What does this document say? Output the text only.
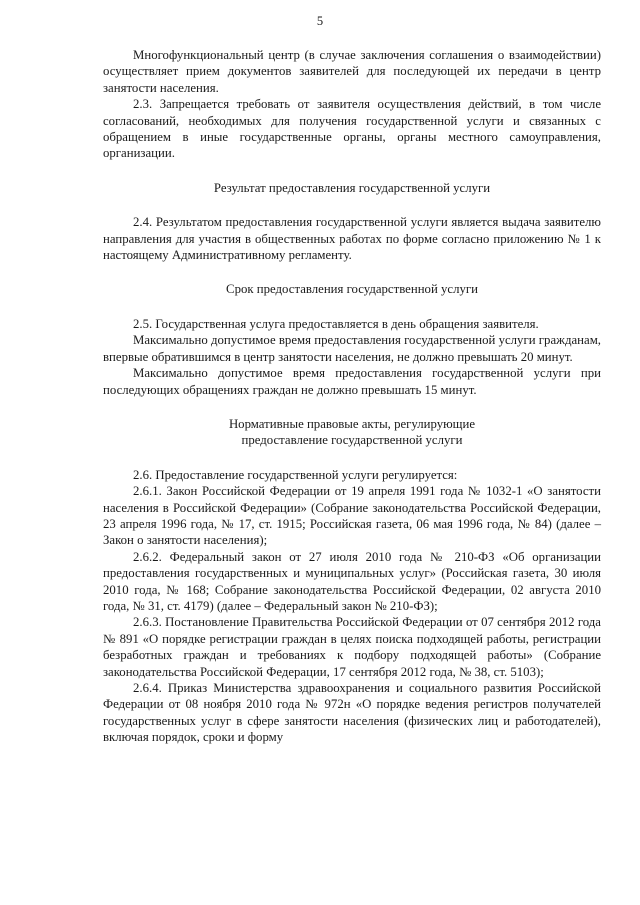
5

Многофункциональный центр (в случае заключения соглашения о взаимодействии) осуществляет прием документов заявителей для последующей их передачи в центр занятости населения.

2.3. Запрещается требовать от заявителя осуществления действий, в том числе согласований, необходимых для получения государственной услуги и связанных с обращением в иные государственные органы, органы местного самоуправления, организации.

Результат предоставления государственной услуги

2.4. Результатом предоставления государственной услуги является выдача заявителю направления для участия в общественных работах по форме согласно приложению № 1 к настоящему Административному регламенту.

Срок предоставления государственной услуги

2.5. Государственная услуга предоставляется в день обращения заявителя.

Максимально допустимое время предоставления государственной услуги гражданам, впервые обратившимся в центр занятости населения, не должно превышать 20 минут.

Максимально допустимое время предоставления государственной услуги при последующих обращениях граждан не должно превышать 15 минут.

Нормативные правовые акты, регулирующие

предоставление государственной услуги

2.6. Предоставление государственной услуги регулируется:

2.6.1. Закон Российской Федерации от 19 апреля 1991 года № 1032-1 «О занятости населения в Российской Федерации» (Собрание законодательства Российской Федерации, 23 апреля 1996 года, № 17, ст. 1915; Российская газета, 06 мая 1996 года, № 84) (далее – Закон о занятости населения);

2.6.2. Федеральный закон от 27 июля 2010 года № 210-ФЗ «Об организации предоставления государственных и муниципальных услуг» (Российская газета, 30 июля 2010 года, № 168; Собрание законодательства Российской Федерации, 02 августа 2010 года, № 31, ст. 4179) (далее – Федеральный закон № 210-ФЗ);

2.6.3. Постановление Правительства Российской Федерации от 07 сентября 2012 года № 891 «О порядке регистрации граждан в целях поиска подходящей работы, регистрации безработных граждан и требованиях к подбору подходящей работы» (Собрание законодательства Российской Федерации, 17 сентября 2012 года, № 38, ст. 5103);

2.6.4. Приказ Министерства здравоохранения и социального развития Российской Федерации от 08 ноября 2010 года № 972н «О порядке ведения регистров получателей государственных услуг в сфере занятости населения (физических лиц и работодателей), включая порядок, сроки и форму
